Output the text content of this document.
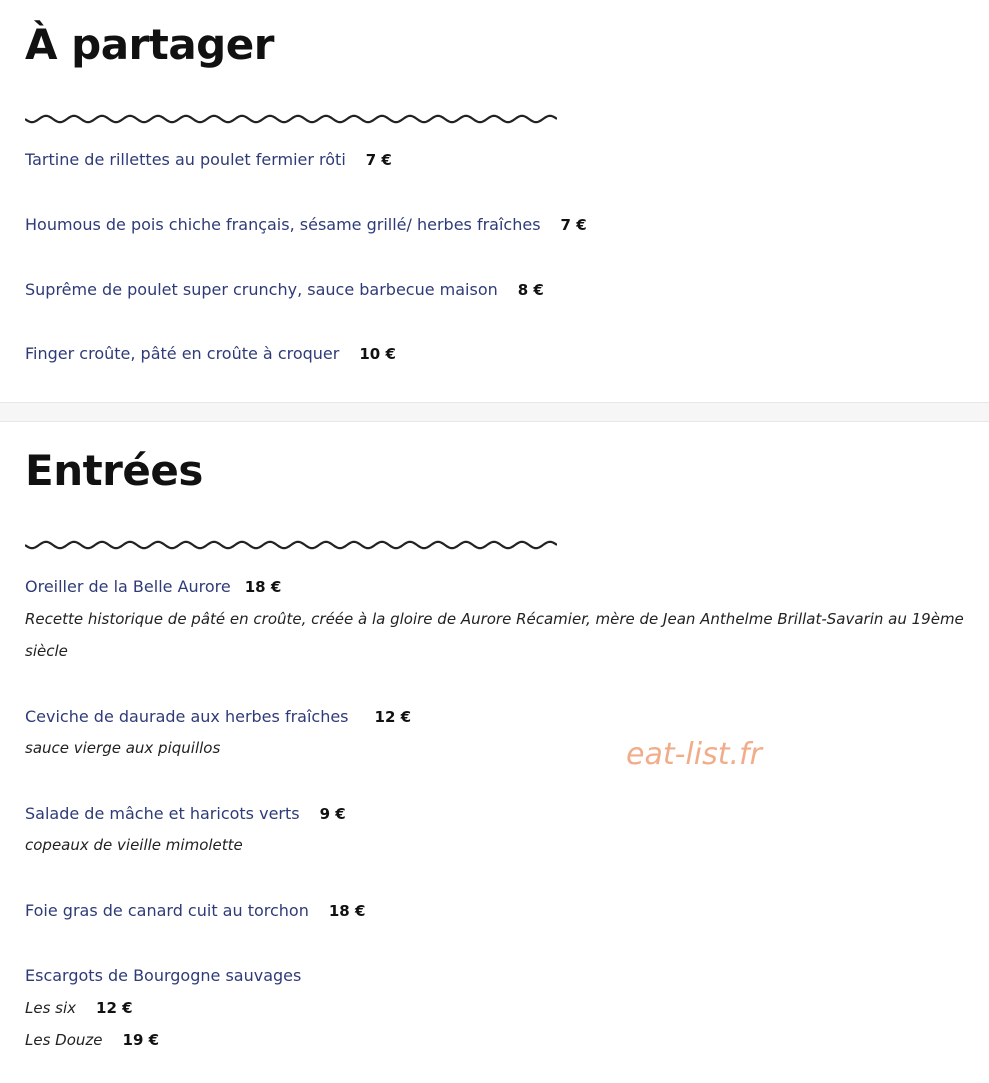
À partager
Tartine de rillettes au poulet fermier rôti 7 €
Houmous de pois chiche français, sésame grillé/ herbes fraîches 7 €
Suprême de poulet super crunchy, sauce barbecue maison 8 €
Finger croûte, pâté en croûte à croquer 10 €
Entrées
Oreiller de la Belle Aurore 18 €
Recette historique de pâté en croûte, créée à la gloire de Aurore Récamier, mère de Jean Anthelme Brillat-Savarin au 19ème
siècle
Ceviche de daurade aux herbes fraîches 12 €
sauce vierge aux piquillos
Salade de mâche et haricots verts 9 €
copeaux de vieille mimolette
Foie gras de canard cuit au torchon 18 €
Escargots de Bourgogne sauvages
Les six 12 €
Les Douze 19 €
eat-list.fr
